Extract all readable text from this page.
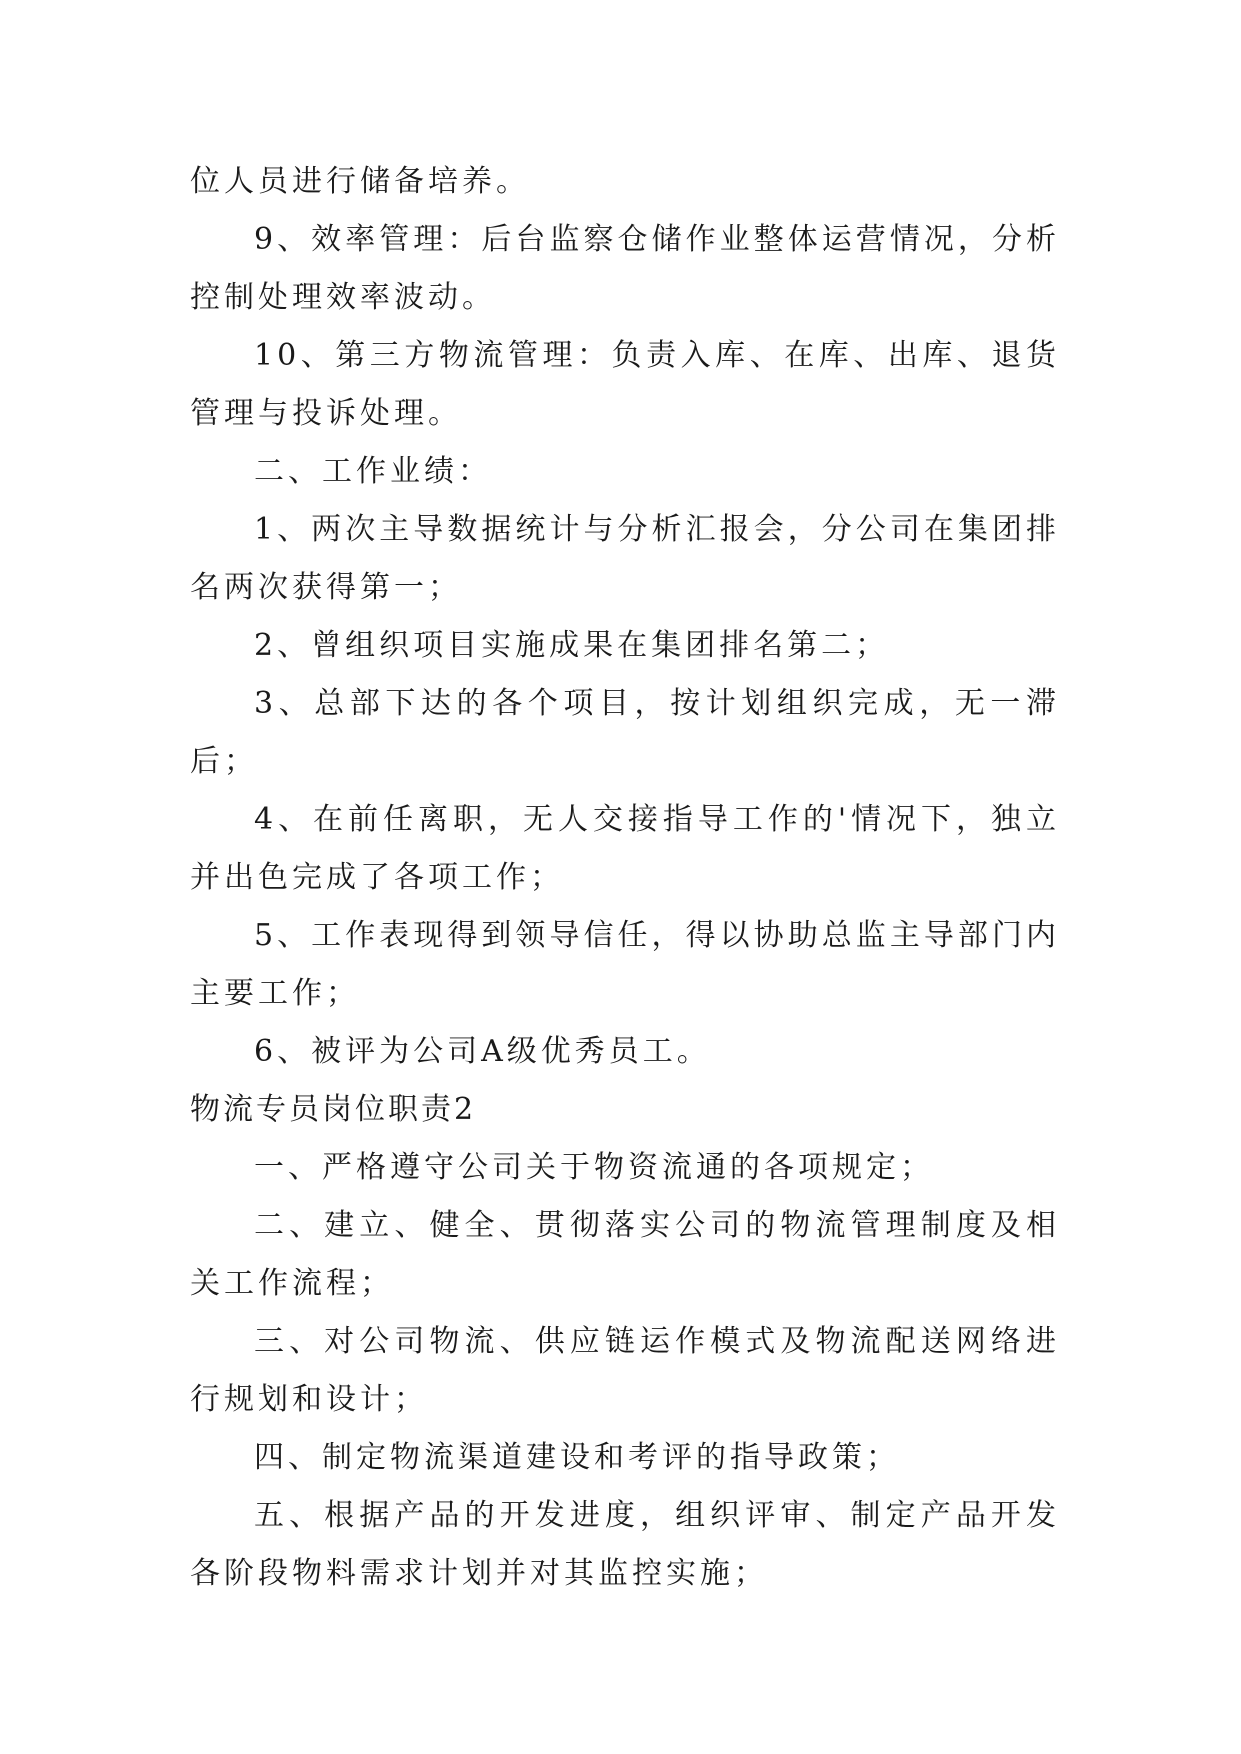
位人员进行储备培养。

9、效率管理：后台监察仓储作业整体运营情况，分析控制处理效率波动。

10、第三方物流管理：负责入库、在库、出库、退货管理与投诉处理。

二、工作业绩：

1、两次主导数据统计与分析汇报会，分公司在集团排名两次获得第一；

2、曾组织项目实施成果在集团排名第二；

3、总部下达的各个项目，按计划组织完成，无一滞后；

4、在前任离职，无人交接指导工作的'情况下，独立并出色完成了各项工作；

5、工作表现得到领导信任，得以协助总监主导部门内主要工作；

6、被评为公司A级优秀员工。

物流专员岗位职责2

一、严格遵守公司关于物资流通的各项规定；

二、建立、健全、贯彻落实公司的物流管理制度及相关工作流程；

三、对公司物流、供应链运作模式及物流配送网络进行规划和设计；

四、制定物流渠道建设和考评的指导政策；

五、根据产品的开发进度，组织评审、制定产品开发各阶段物料需求计划并对其监控实施；
